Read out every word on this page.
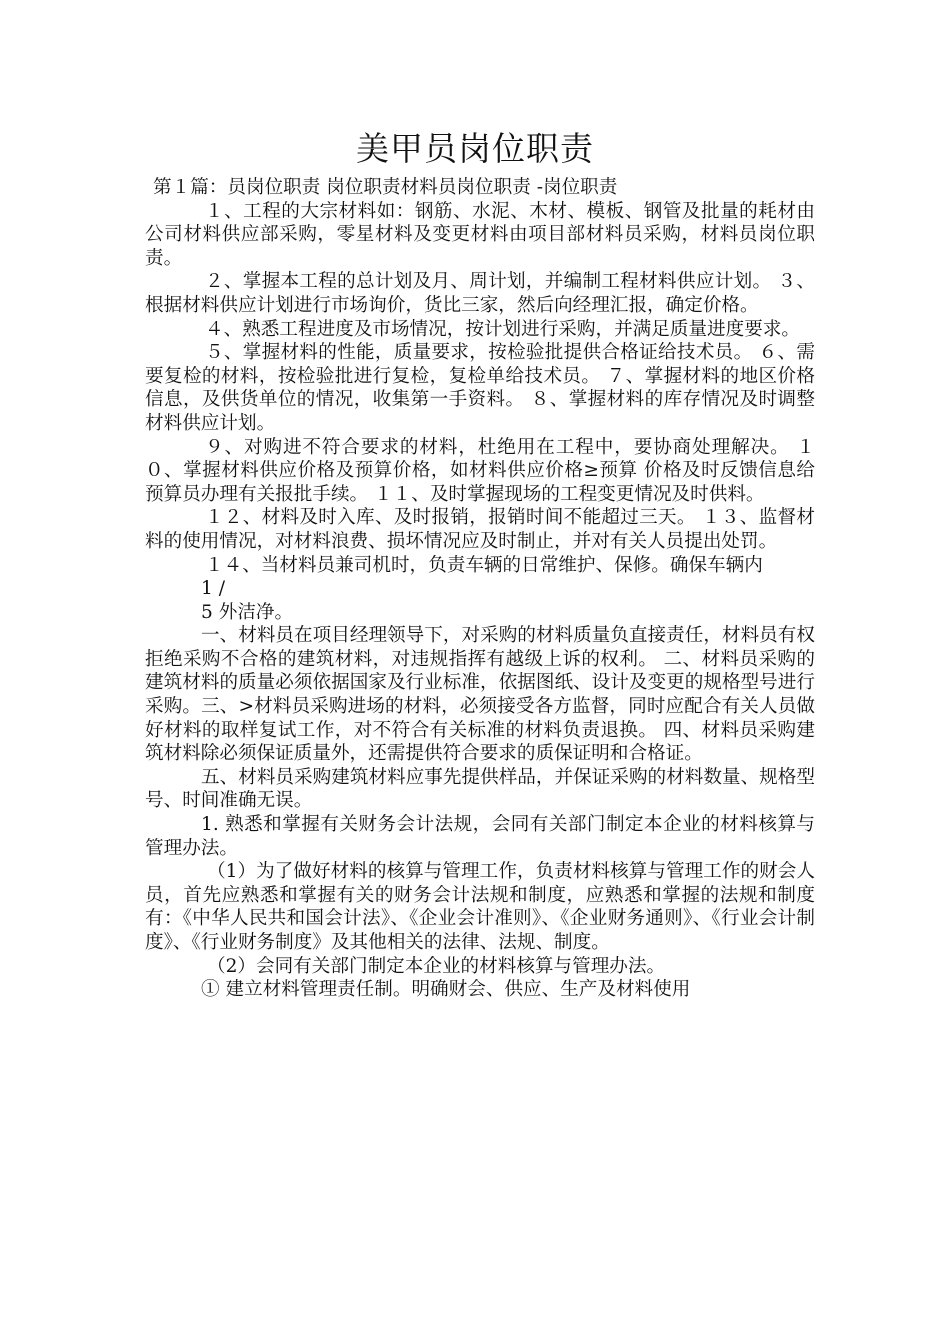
美甲员岗位职责

第１篇：员岗位职责 岗位职责材料员岗位职责 -岗位职责

１、工程的大宗材料如：钢筋、水泥、木材、模板、钢管及批量的耗材由公司材料供应部采购，零星材料及变更材料由项目部材料员采购，材料员岗位职责。

２、掌握本工程的总计划及月、周计划，并编制工程材料供应计划。 ３、根据材料供应计划进行市场询价，货比三家，然后向经理汇报，确定价格。

４、熟悉工程进度及市场情况，按计划进行采购，并满足质量进度要求。

５、掌握材料的性能，质量要求，按检验批提供合格证给技术员。 ６、需要复检的材料，按检验批进行复检，复检单给技术员。 ７、掌握材料的地区价格信息，及供货单位的情况，收集第一手资料。 ８、掌握材料的库存情况及时调整材料供应计划。

９、对购进不符合要求的材料，杜绝用在工程中，要协商处理解决。 １０、掌握材料供应价格及预算价格，如材料供应价格≥预算 价格及时反馈信息给预算员办理有关报批手续。 １１、及时掌握现场的工程变更情况及时供料。

１２、材料及时入库、及时报销，报销时间不能超过三天。 １３、监督材料的使用情况，对材料浪费、损坏情况应及时制止，并对有关人员提出处罚。

１４、当材料员兼司机时，负责车辆的日常维护、保修。确保车辆内

1 /

5 外洁净。

一、材料员在项目经理领导下，对采购的材料质量负直接责任，材料员有权拒绝采购不合格的建筑材料，对违规指挥有越级上诉的权利。 二、材料员采购的建筑材料的质量必须依据国家及行业标准，依据图纸、设计及变更的规格型号进行采购。三、>材料员采购进场的材料，必须接受各方监督，同时应配合有关人员做好材料的取样复试工作，对不符合有关标准的材料负责退换。 四、材料员采购建筑材料除必须保证质量外，还需提供符合要求的质保证明和合格证。

五、材料员采购建筑材料应事先提供样品，并保证采购的材料数量、规格型号、时间准确无误。

1. 熟悉和掌握有关财务会计法规，会同有关部门制定本企业的材料核算与管理办法。

（1）为了做好材料的核算与管理工作，负责材料核算与管理工作的财会人员，首先应熟悉和掌握有关的财务会计法规和制度，应熟悉和掌握的法规和制度有：《中华人民共和国会计法》、《企业会计准则》、《企业财务通则》、《行业会计制度》、《行业财务制度》及其他相关的法律、法规、制度。

（2）会同有关部门制定本企业的材料核算与管理办法。

① 建立材料管理责任制。明确财会、供应、生产及材料使用
